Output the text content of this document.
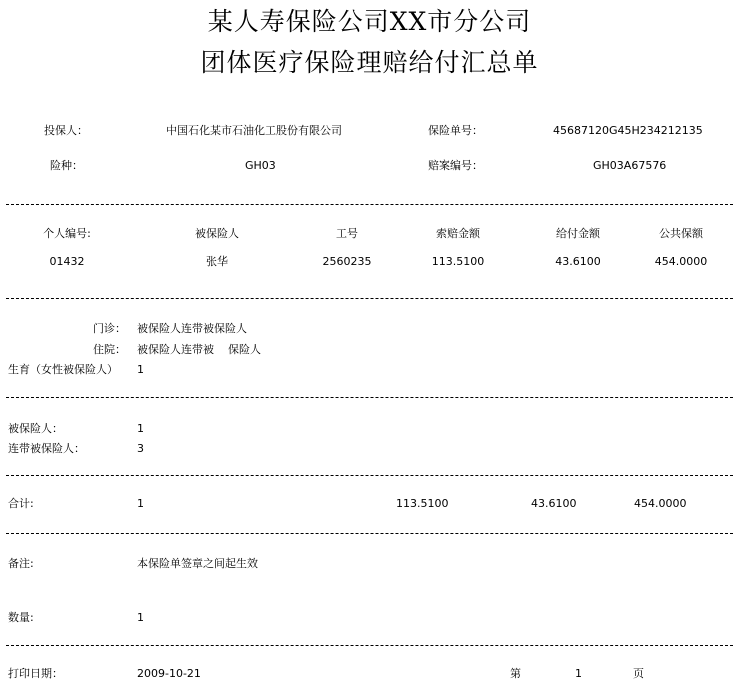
某人寿保险公司XX市分公司
团体医疗保险理赔给付汇总单
投保人：	中国石化某市石油化工股份有限公司	保险单号：	45687120G45H234212135
险种：	GH03	赔案编号：	GH03A67576
个人编号:	被保险人	工号	索赔金额	给付金额	公共保额
01432	张华	2560235	113.5100	43.6100	454.0000
门诊： 被保险人连带被保险人
住院： 被保险人连带被    保险人
生育（女性被保险人） 1
被保险人：	1
连带被保险人：	3
合计:	1	113.5100	43.6100	454.0000
备注:	本保险单签章之间起生效
数量:	1
打印日期：	2009-10-21	第	1	页
